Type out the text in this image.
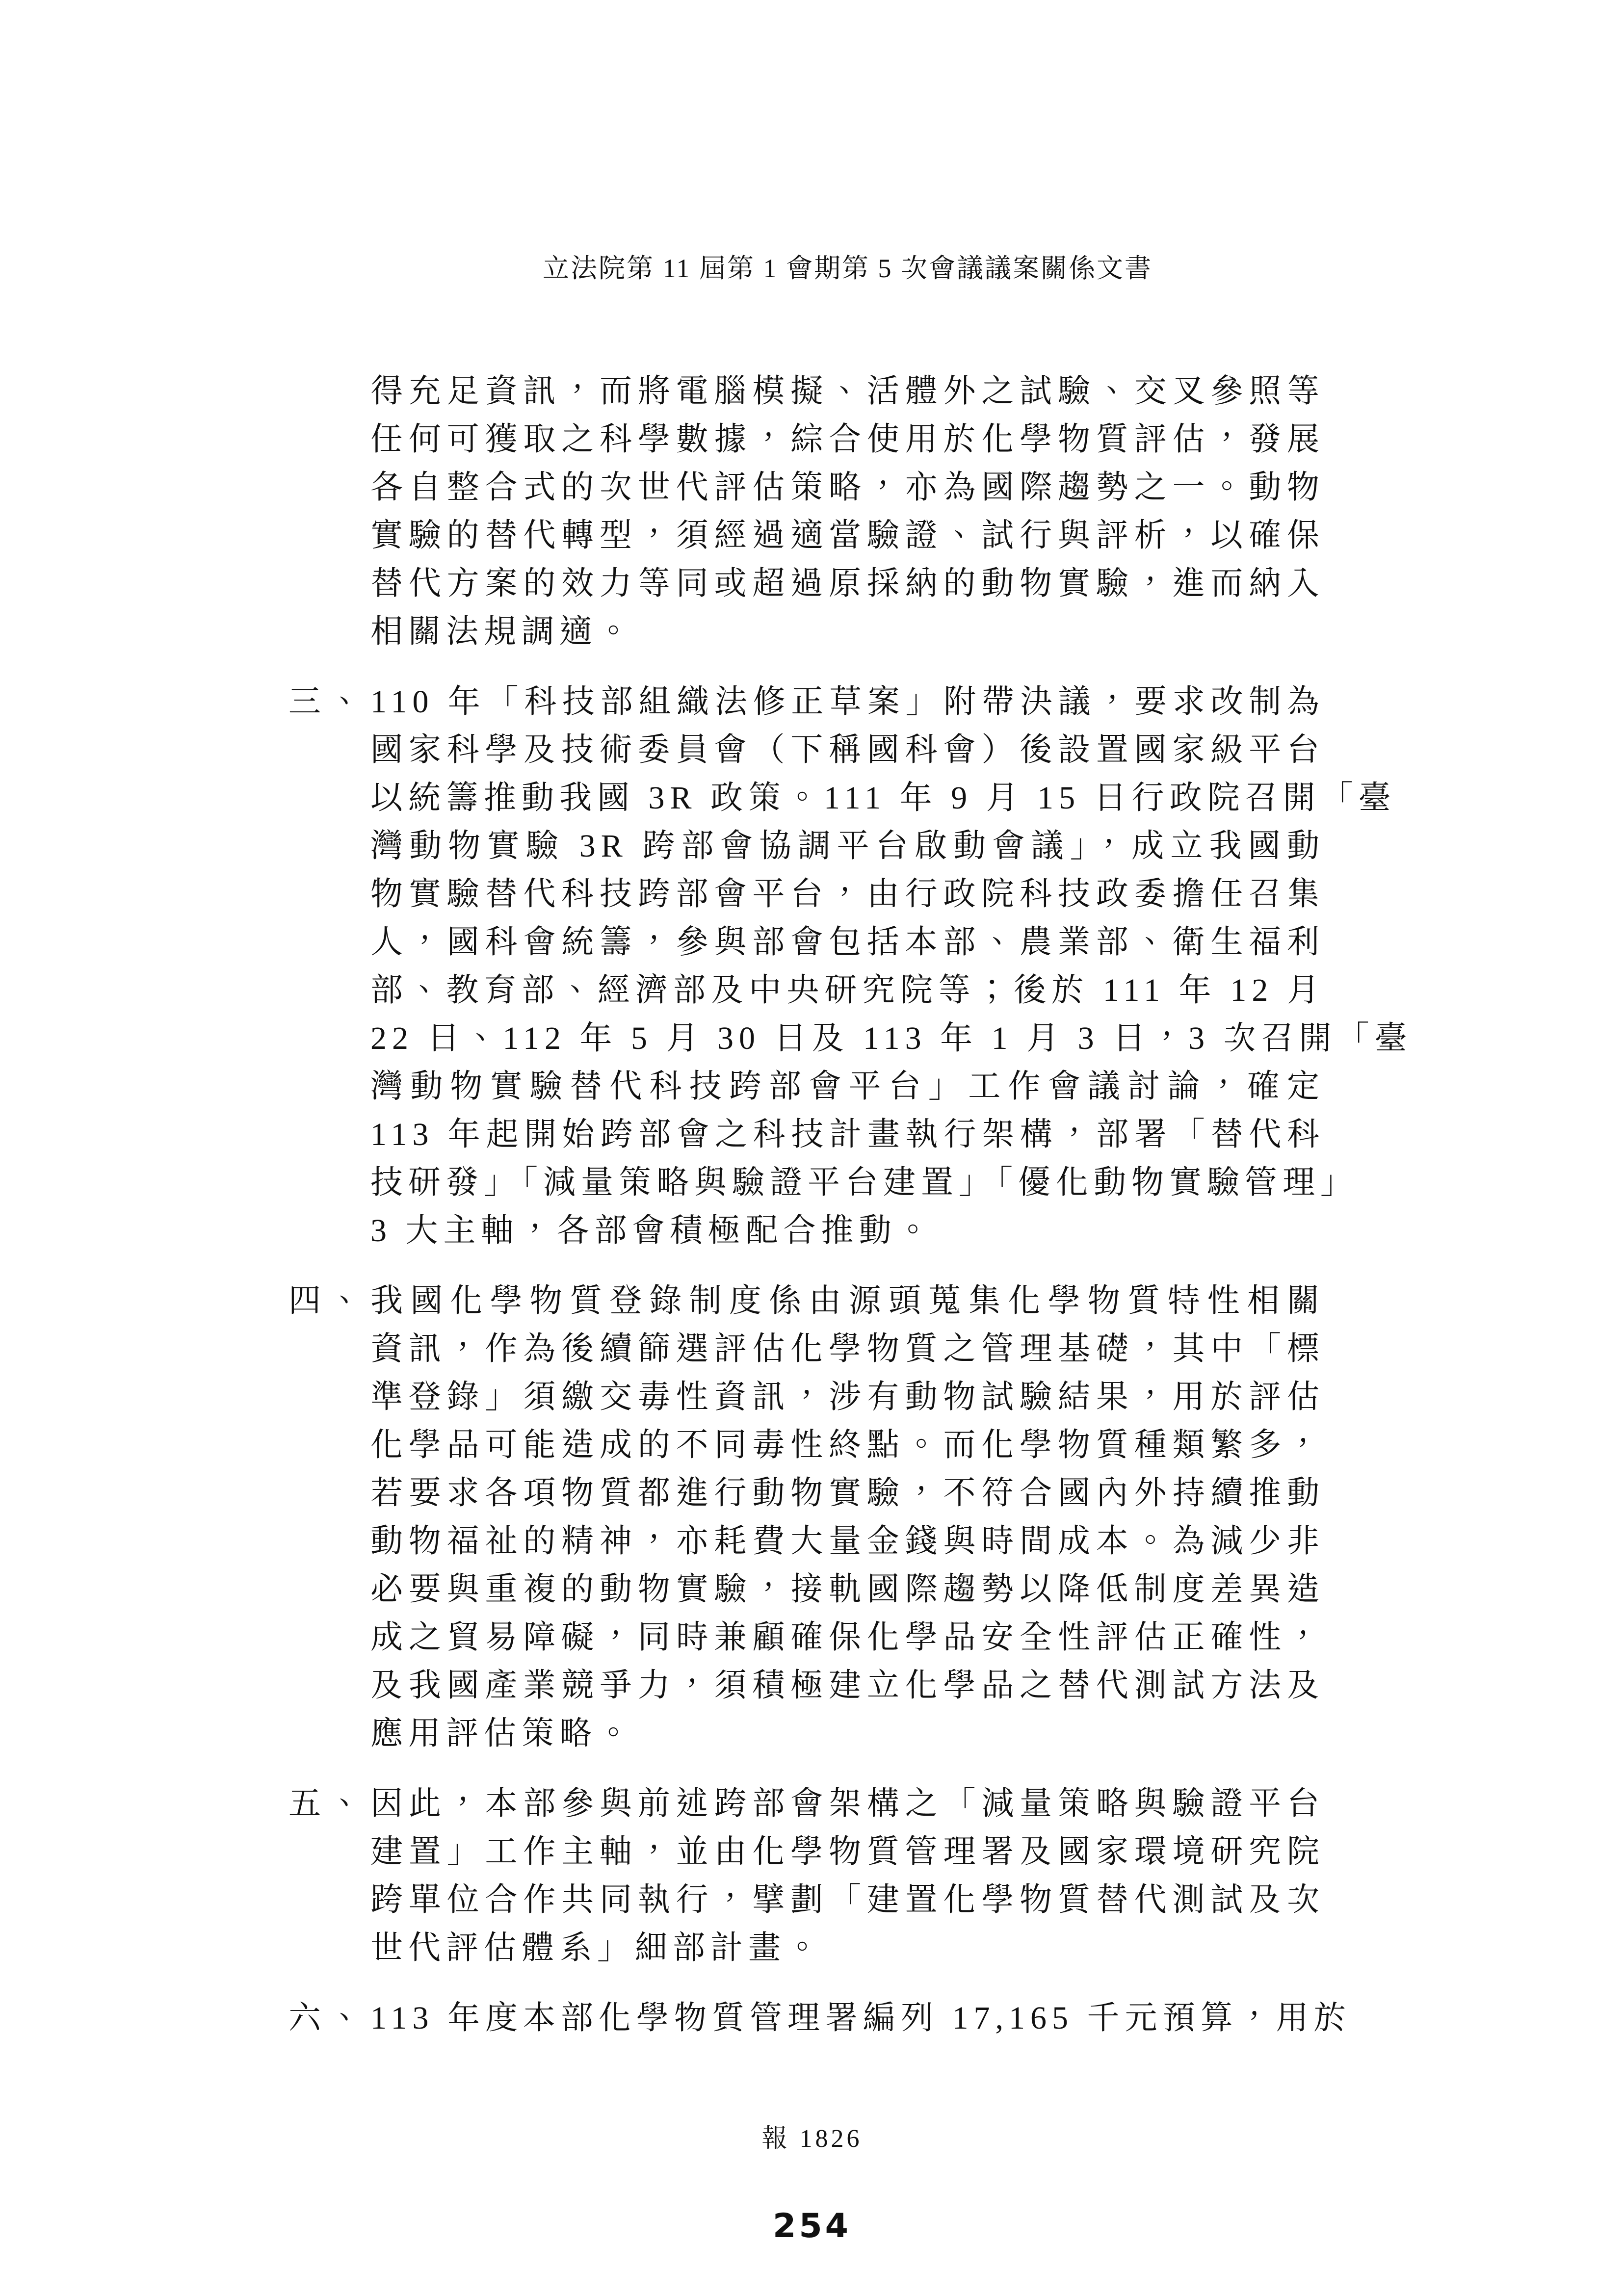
立法院第 11 屆第 1 會期第 5 次會議議案關係文書
得充足資訊，而將電腦模擬、活體外之試驗、交叉參照等
任何可獲取之科學數據，綜合使用於化學物質評估，發展
各自整合式的次世代評估策略，亦為國際趨勢之一。動物
實驗的替代轉型，須經過適當驗證、試行與評析，以確保
替代方案的效力等同或超過原採納的動物實驗，進而納入
相關法規調適。
三、 110 年「科技部組織法修正草案」附帶決議，要求改制為
國家科學及技術委員會（下稱國科會）後設置國家級平台
以統籌推動我國 3R 政策。111 年 9 月 15 日行政院召開「臺
灣動物實驗 3R 跨部會協調平台啟動會議」，成立我國動
物實驗替代科技跨部會平台，由行政院科技政委擔任召集
人，國科會統籌，參與部會包括本部、農業部、衛生福利
部、教育部、經濟部及中央研究院等；後於 111 年 12 月
22 日、112 年 5 月 30 日及 113 年 1 月 3 日，3 次召開「臺
灣動物實驗替代科技跨部會平台」工作會議討論，確定
113 年起開始跨部會之科技計畫執行架構，部署「替代科
技研發」「減量策略與驗證平台建置」「優化動物實驗管理」
3 大主軸，各部會積極配合推動。
四、 我國化學物質登錄制度係由源頭蒐集化學物質特性相關
資訊，作為後續篩選評估化學物質之管理基礎，其中「標
準登錄」須繳交毒性資訊，涉有動物試驗結果，用於評估
化學品可能造成的不同毒性終點。而化學物質種類繁多，
若要求各項物質都進行動物實驗，不符合國內外持續推動
動物福祉的精神，亦耗費大量金錢與時間成本。為減少非
必要與重複的動物實驗，接軌國際趨勢以降低制度差異造
成之貿易障礙，同時兼顧確保化學品安全性評估正確性，
及我國產業競爭力，須積極建立化學品之替代測試方法及
應用評估策略。
五、 因此，本部參與前述跨部會架構之「減量策略與驗證平台
建置」工作主軸，並由化學物質管理署及國家環境研究院
跨單位合作共同執行，擘劃「建置化學物質替代測試及次
世代評估體系」細部計畫。
六、 113 年度本部化學物質管理署編列 17,165 千元預算，用於
報 1826
254
